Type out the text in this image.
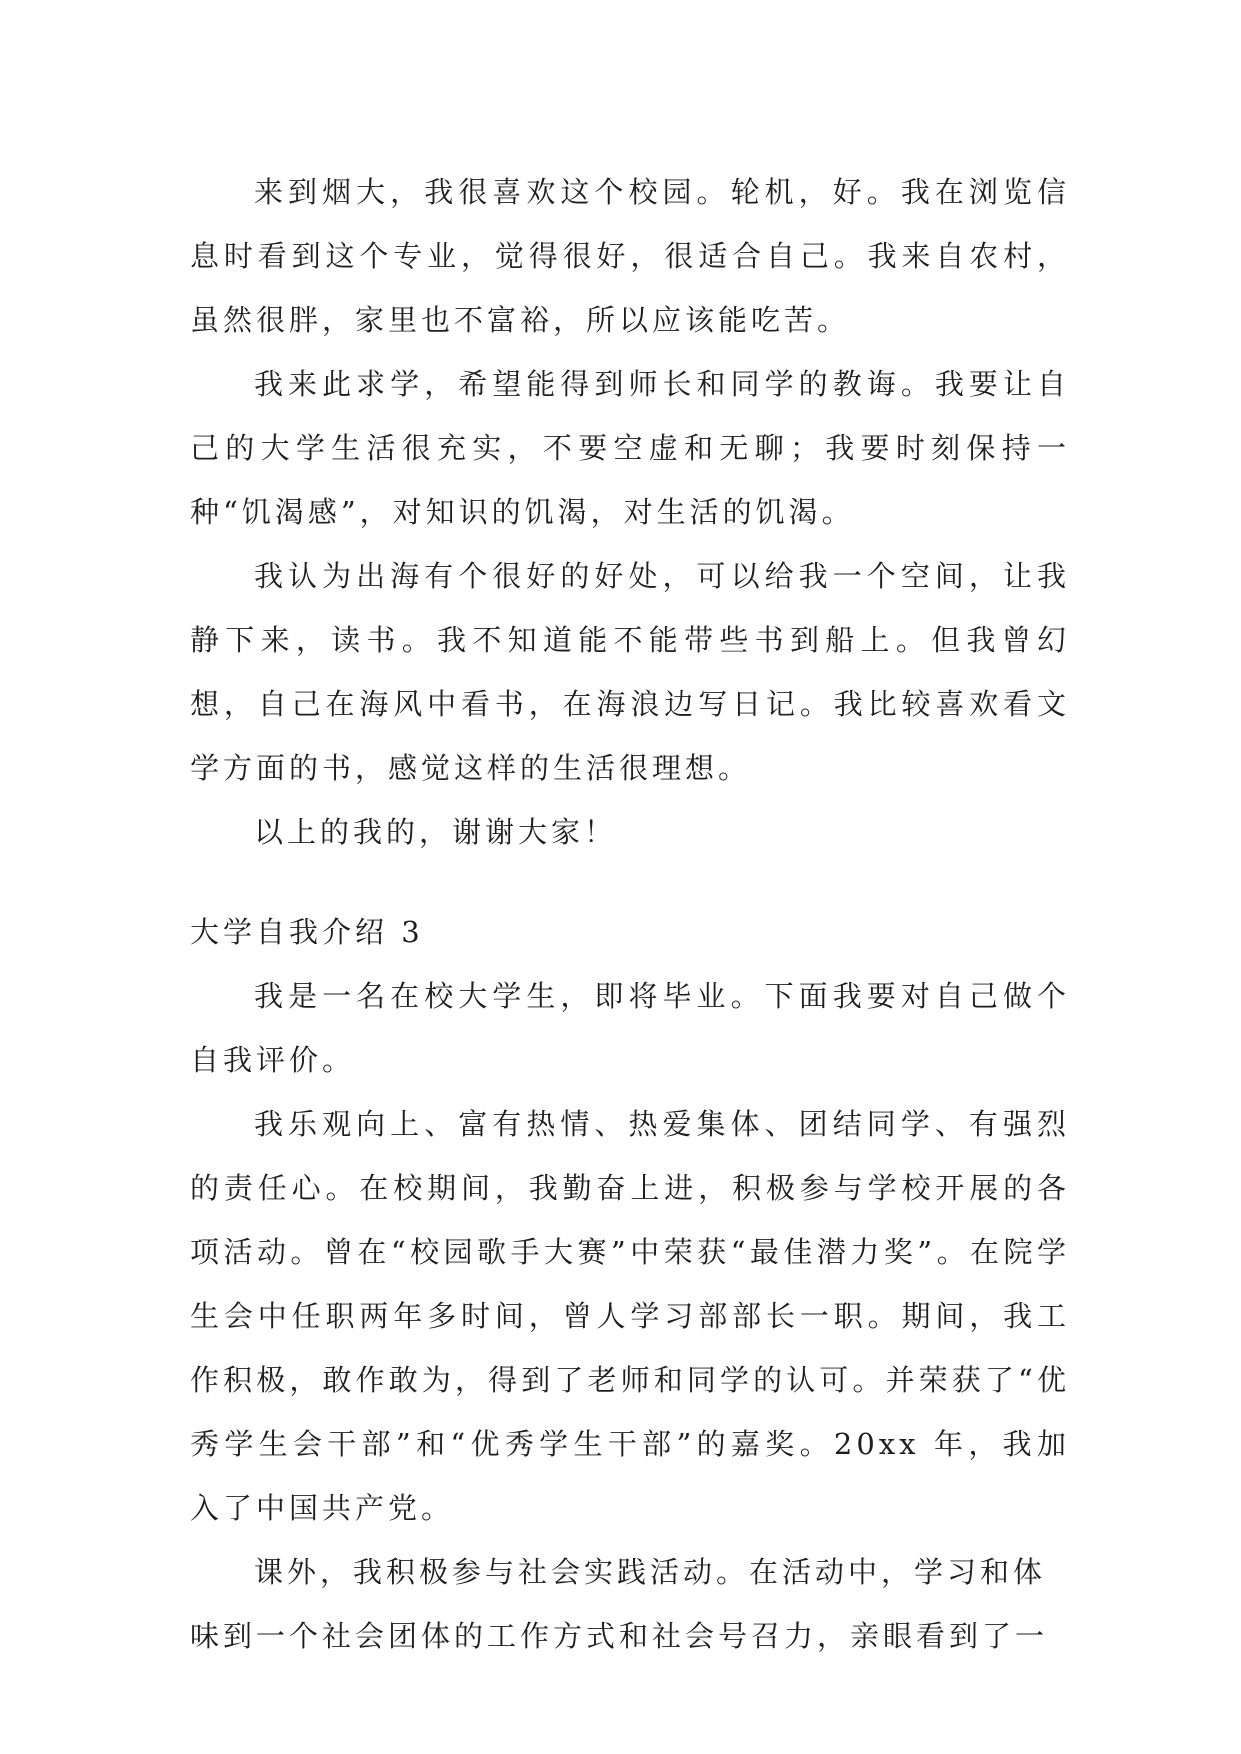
来到烟大，我很喜欢这个校园。轮机，好。我在浏览信息时看到这个专业，觉得很好，很适合自己。我来自农村，虽然很胖，家里也不富裕，所以应该能吃苦。

我来此求学，希望能得到师长和同学的教诲。我要让自己的大学生活很充实，不要空虚和无聊；我要时刻保持一种“饥渴感”，对知识的饥渴，对生活的饥渴。

我认为出海有个很好的好处，可以给我一个空间，让我静下来，读书。我不知道能不能带些书到船上。但我曾幻想，自己在海风中看书，在海浪边写日记。我比较喜欢看文学方面的书，感觉这样的生活很理想。

以上的我的，谢谢大家！

大学自我介绍 3

我是一名在校大学生，即将毕业。下面我要对自己做个自我评价。

我乐观向上、富有热情、热爱集体、团结同学、有强烈的责任心。在校期间，我勤奋上进，积极参与学校开展的各项活动。曾在“校园歌手大赛”中荣获“最佳潜力奖”。在院学生会中任职两年多时间，曾人学习部部长一职。期间，我工作积极，敢作敢为，得到了老师和同学的认可。并荣获了“优秀学生会干部”和“优秀学生干部”的嘉奖。20xx 年，我加入了中国共产党。

课外，我积极参与社会实践活动。在活动中，学习和体味到一个社会团体的工作方式和社会号召力，亲眼看到了一
